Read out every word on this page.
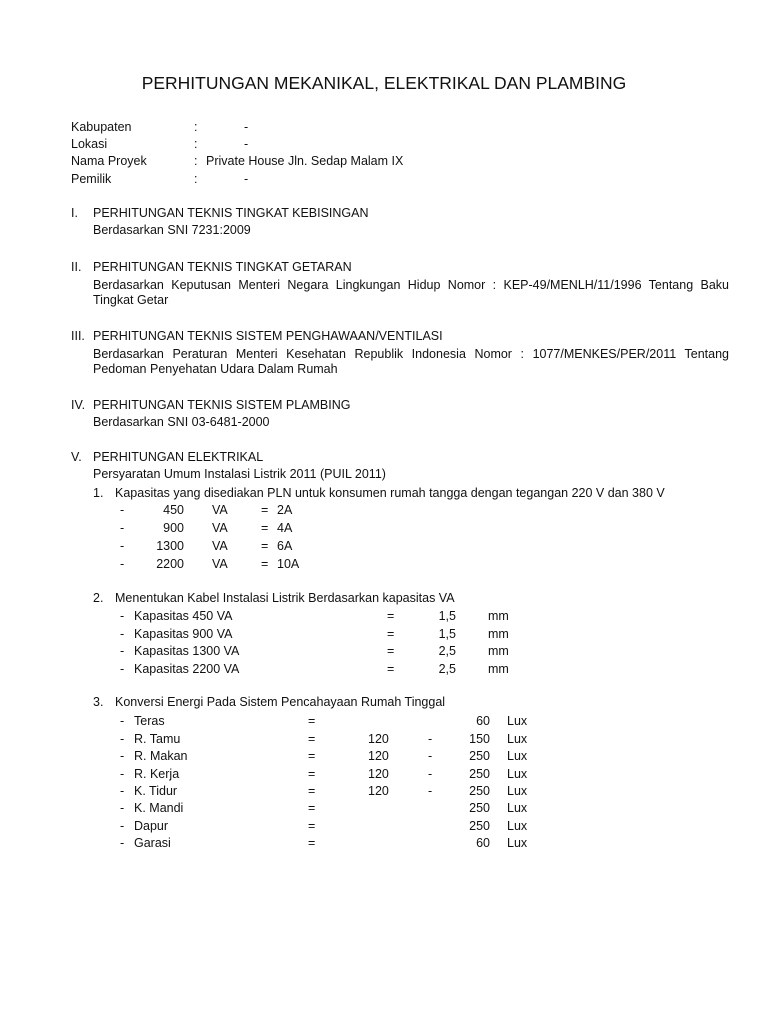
PERHITUNGAN MEKANIKAL, ELEKTRIKAL DAN PLAMBING
Kabupaten	:	-
Lokasi	:	-
Nama Proyek	: Private House Jln. Sedap Malam IX
Pemilik	:	-
I. PERHITUNGAN TEKNIS TINGKAT KEBISINGAN
Berdasarkan SNI 7231:2009
II. PERHITUNGAN TEKNIS TINGKAT GETARAN
Berdasarkan Keputusan Menteri Negara Lingkungan Hidup Nomor : KEP-49/MENLH/11/1996 Tentang Baku Tingkat Getar
III. PERHITUNGAN TEKNIS SISTEM PENGHAWAAN/VENTILASI
Berdasarkan Peraturan Menteri Kesehatan Republik Indonesia Nomor : 1077/MENKES/PER/2011 Tentang Pedoman Penyehatan Udara Dalam Rumah
IV. PERHITUNGAN TEKNIS SISTEM PLAMBING
Berdasarkan SNI 03-6481-2000
V. PERHITUNGAN ELEKTRIKAL
Persyaratan Umum Instalasi Listrik 2011 (PUIL 2011)
1. Kapasitas yang disediakan PLN untuk konsumen rumah tangga dengan tegangan 220 V dan 380 V
-	450 VA	= 2A
-	900 VA	= 4A
-	1300 VA	= 6A
-	2200 VA	= 10A
2. Menentukan Kabel Instalasi Listrik Berdasarkan kapasitas VA
- Kapasitas 450 VA	=	1,5	mm
- Kapasitas 900 VA	=	1,5	mm
- Kapasitas 1300 VA	=	2,5	mm
- Kapasitas 2200 VA	=	2,5	mm
3. Konversi Energi Pada Sistem Pencahayaan Rumah Tinggal
- Teras	=	60 Lux
- R. Tamu	=	120	-	150 Lux
- R. Makan	=	120	-	250 Lux
- R. Kerja	=	120	-	250 Lux
- K. Tidur	=	120	-	250 Lux
- K. Mandi	=	250 Lux
- Dapur	=	250 Lux
- Garasi	=	60 Lux
